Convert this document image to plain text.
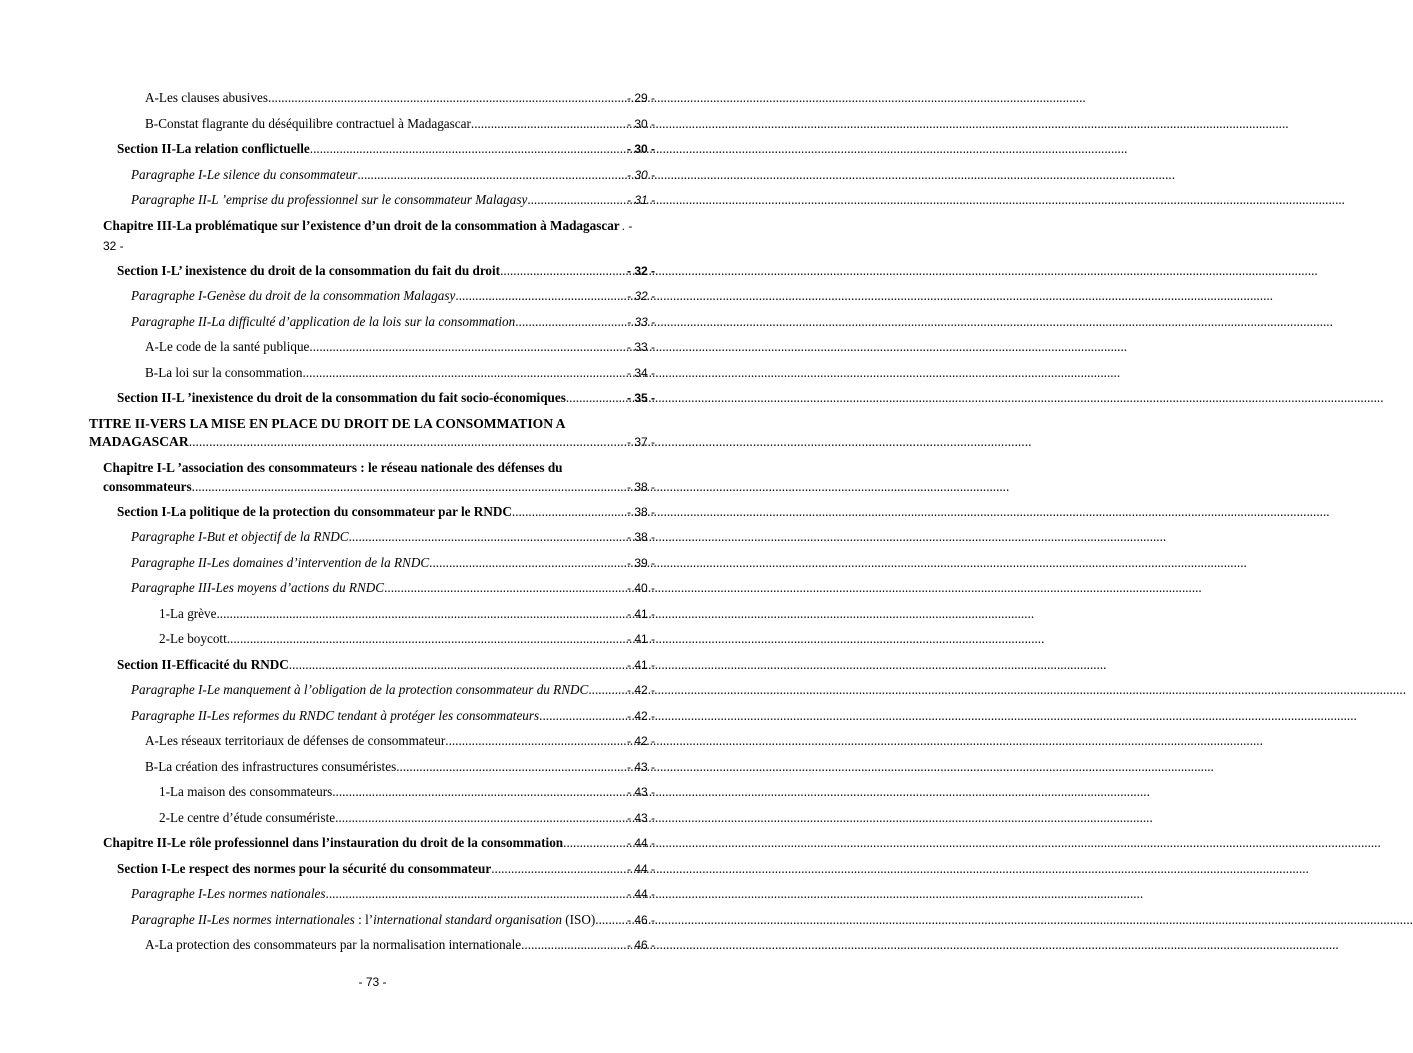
A-Les clauses abusives .....	- 29 -
B-Constat flagrante du déséquilibre contractuel à Madagascar .....	- 30 -
Section II-La relation conflictuelle .....	- 30 -
Paragraphe I-Le silence du consommateur .....	- 30 -
Paragraphe II-L ’emprise du professionnel sur le consommateur Malagasy .....	- 31 -
Chapitre III-La problématique sur l’existence d’un droit de la consommation à Madagascar . -
32 -
Section I-L’ inexistence du droit de la consommation du fait du droit .....	- 32 -
Paragraphe I-Genèse du droit de la consommation Malagasy .....	- 32 -
Paragraphe II-La difficulté d’application de la lois sur la consommation .....	- 33 -
A-Le code de la santé publique .....	- 33 -
B-La loi sur la consommation .....	- 34 -
Section II-L ’inexistence du droit de la consommation du fait socio-économiques .....	- 35 -
TITRE II-VERS LA MISE EN PLACE DU DROIT DE LA CONSOMMATION A
MADAGASCAR .....	- 37 -
Chapitre I-L ’association des consommateurs : le réseau nationale des défenses du
consommateurs .....	- 38 -
Section I-La politique de la protection du consommateur par le RNDC .....	- 38 -
Paragraphe I-But et objectif de la RNDC .....	- 38 -
Paragraphe II-Les domaines d’intervention de la RNDC .....	- 39 -
Paragraphe III-Les moyens d’actions du RNDC .....	- 40 -
1-La grève .....	- 41 -
2-Le boycott .....	- 41 -
Section II-Efficacité du RNDC .....	- 41 -
Paragraphe I-Le manquement à l’obligation de la protection consommateur du RNDC .....	- 42 -
Paragraphe II-Les reformes du RNDC tendant à protéger les consommateurs .....	- 42 -
A-Les réseaux territoriaux de défenses de consommateur .....	- 42 -
B-La création des infrastructures consuméristes .....	- 43 -
1-La maison des consommateurs .....	- 43 -
2-Le centre d’étude consumériste .....	- 43 -
Chapitre II-Le rôle professionnel dans l’instauration du droit de la consommation .....	- 44 -
Section I-Le respect des normes pour la sécurité du consommateur .....	- 44 -
Paragraphe I-Les normes nationales .....	- 44 -
Paragraphe II-Les normes internationales : l’international standard organisation (ISO) .....	- 46 -
A-La protection des consommateurs par la normalisation internationale .....	- 46 -
- 73 -
